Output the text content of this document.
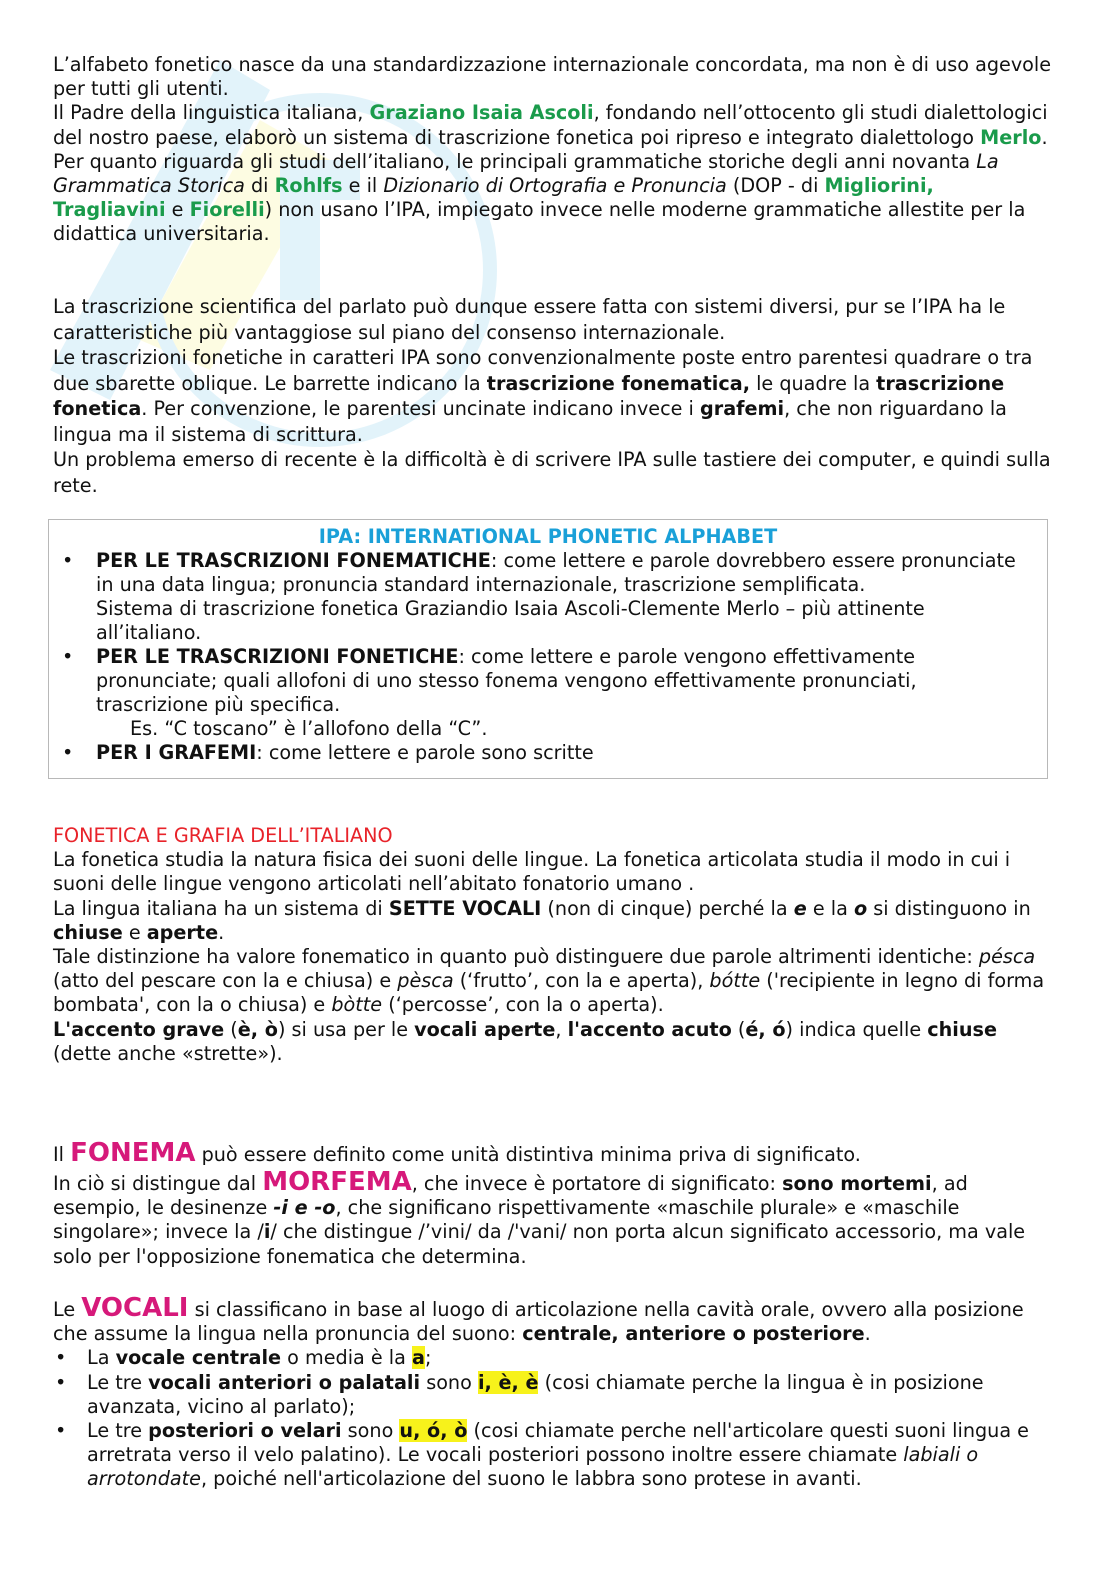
L’alfabeto fonetico nasce da una standardizzazione internazionale concordata, ma non è di uso agevole per tutti gli utenti.

Il Padre della linguistica italiana, Graziano Isaia Ascoli, fondando nell’ottocento gli studi dialettologici del nostro paese, elaborò un sistema di trascrizione fonetica poi ripreso e integrato dialettologo Merlo.

Per quanto riguarda gli studi dell’italiano, le principali grammatiche storiche degli anni novanta La Grammatica Storica di Rohlfs e il Dizionario di Ortografia e Pronuncia (DOP - di Migliorini, Tragliavini e Fiorelli) non usano l’IPA, impiegato invece nelle moderne grammatiche allestite per la didattica universitaria.

La trascrizione scientifica del parlato può dunque essere fatta con sistemi diversi, pur se l’IPA ha le caratteristiche più vantaggiose sul piano del consenso internazionale.

Le trascrizioni fonetiche in caratteri IPA sono convenzionalmente poste entro parentesi quadrare o tra due sbarette oblique. Le barrette indicano la trascrizione fonematica, le quadre la trascrizione fonetica. Per convenzione, le parentesi uncinate indicano invece i grafemi, che non riguardano la lingua ma il sistema di scrittura.

Un problema emerso di recente è la difficoltà è di scrivere IPA sulle tastiere dei computer, e quindi sulla rete.

IPA: INTERNATIONAL PHONETIC ALPHABET
• PER LE TRASCRIZIONI FONEMATICHE: come lettere e parole dovrebbero essere pronunciate in una data lingua; pronuncia standard internazionale, trascrizione semplificata.
Sistema di trascrizione fonetica Graziandio Isaia Ascoli-Clemente Merlo – più attinente all’italiano.
• PER LE TRASCRIZIONI FONETICHE: come lettere e parole vengono effettivamente pronunciate; quali allofoni di uno stesso fonema vengono effettivamente pronunciati, trascrizione più specifica.
Es. “C toscano” è l’allofono della “C”.
• PER I GRAFEMI: come lettere e parole sono scritte

FONETICA E GRAFIA DELL’ITALIANO

La fonetica studia la natura fisica dei suoni delle lingue. La fonetica articolata studia il modo in cui i suoni delle lingue vengono articolati nell’abitato fonatorio umano .

La lingua italiana ha un sistema di SETTE VOCALI (non di cinque) perché la e e la o si distinguono in chiuse e aperte.

Tale distinzione ha valore fonematico in quanto può distinguere due parole altrimenti identiche: pésca (atto del pescare con la e chiusa) e pèsca (‘frutto’, con la e aperta), bótte ('recipiente in legno di forma bombata', con la o chiusa) e bòtte (‘percosse’, con la o aperta).

L'accento grave (è, ò) si usa per le vocali aperte, l'accento acuto (é, ó) indica quelle chiuse (dette anche «strette»).

Il FONEMA può essere definito come unità distintiva minima priva di significato.

In ciò si distingue dal MORFEMA, che invece è portatore di significato: sono mortemi, ad esempio, le desinenze -i e -o, che significano rispettivamente «maschile plurale» e «maschile singolare»; invece la /i/ che distingue /’vini/ da /'vani/ non porta alcun significato accessorio, ma vale solo per l'opposizione fonematica che determina.

Le VOCALI si classificano in base al luogo di articolazione nella cavità orale, ovvero alla posizione che assume la lingua nella pronuncia del suono: centrale, anteriore o posteriore.

• La vocale centrale o media è la a;
• Le tre vocali anteriori o palatali sono i, è, è (cosi chiamate perche la lingua è in posizione avanzata, vicino al parlato);
• Le tre posteriori o velari sono u, ó, ò (cosi chiamate perche nell'articolare questi suoni lingua e arretrata verso il velo palatino). Le vocali posteriori possono inoltre essere chiamate labiali o arrotondate, poiché nell'articolazione del suono le labbra sono protese in avanti.
